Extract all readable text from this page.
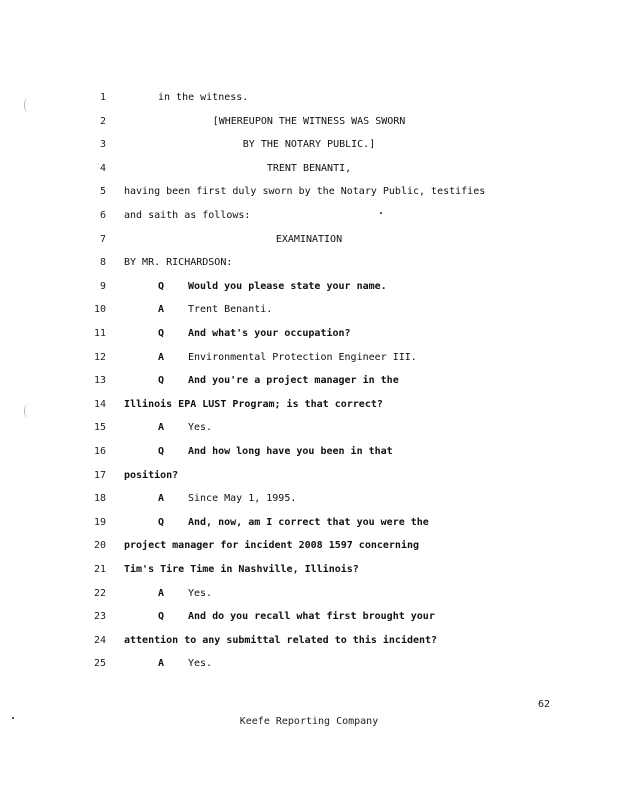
1	in the witness.
2	[WHEREUPON THE WITNESS WAS SWORN
3	BY THE NOTARY PUBLIC.]
4	TRENT BENANTI,
5 having been first duly sworn by the Notary Public, testifies
6 and saith as follows:
7	EXAMINATION
8 BY MR. RICHARDSON:
9	Q Would you please state your name.
10	A Trent Benanti.
11	Q And what's your occupation?
12	A Environmental Protection Engineer III.
13	Q And you're a project manager in the
14 Illinois EPA LUST Program; is that correct?
15	A Yes.
16	Q And how long have you been in that
17 position?
18	A Since May 1, 1995.
19	Q And, now, am I correct that you were the
20 project manager for incident 2008 1597 concerning
21 Tim's Tire Time in Nashville, Illinois?
22	A Yes.
23	Q And do you recall what first brought your
24 attention to any submittal related to this incident?
25	A Yes.
62
Keefe Reporting Company
